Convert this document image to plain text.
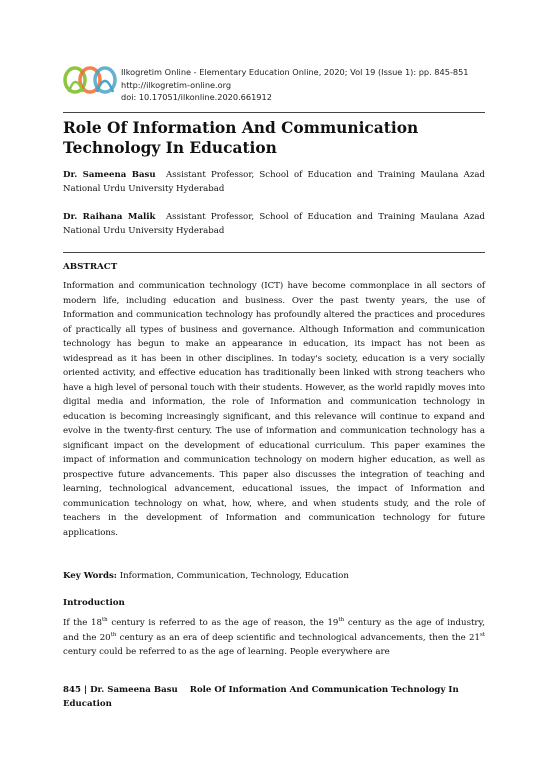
Ilkogretim Online - Elementary Education Online, 2020; Vol 19 (Issue 1): pp. 845-851
http://ilkogretim-online.org
doi: 10.17051/ilkonline.2020.661912
Role Of Information And Communication Technology In Education
Dr. Sameena Basu Assistant Professor, School of Education and Training Maulana Azad National Urdu University Hyderabad
Dr. Raihana Malik Assistant Professor, School of Education and Training Maulana Azad National Urdu University Hyderabad
ABSTRACT
Information and communication technology (ICT) have become commonplace in all sectors of modern life, including education and business. Over the past twenty years, the use of Information and communication technology has profoundly altered the practices and procedures of practically all types of business and governance. Although Information and communication technology has begun to make an appearance in education, its impact has not been as widespread as it has been in other disciplines. In today's society, education is a very socially oriented activity, and effective education has traditionally been linked with strong teachers who have a high level of personal touch with their students. However, as the world rapidly moves into digital media and information, the role of Information and communication technology in education is becoming increasingly significant, and this relevance will continue to expand and evolve in the twenty-first century. The use of information and communication technology has a significant impact on the development of educational curriculum. This paper examines the impact of information and communication technology on modern higher education, as well as prospective future advancements. This paper also discusses the integration of teaching and learning, technological advancement, educational issues, the impact of Information and communication technology on what, how, where, and when students study, and the role of teachers in the development of Information and communication technology for future applications.
Key Words: Information, Communication, Technology, Education
Introduction
If the 18th century is referred to as the age of reason, the 19th century as the age of industry, and the 20th century as an era of deep scientific and technological advancements, then the 21st century could be referred to as the age of learning. People everywhere are
845 | Dr. Sameena Basu Role Of Information And Communication Technology In Education
